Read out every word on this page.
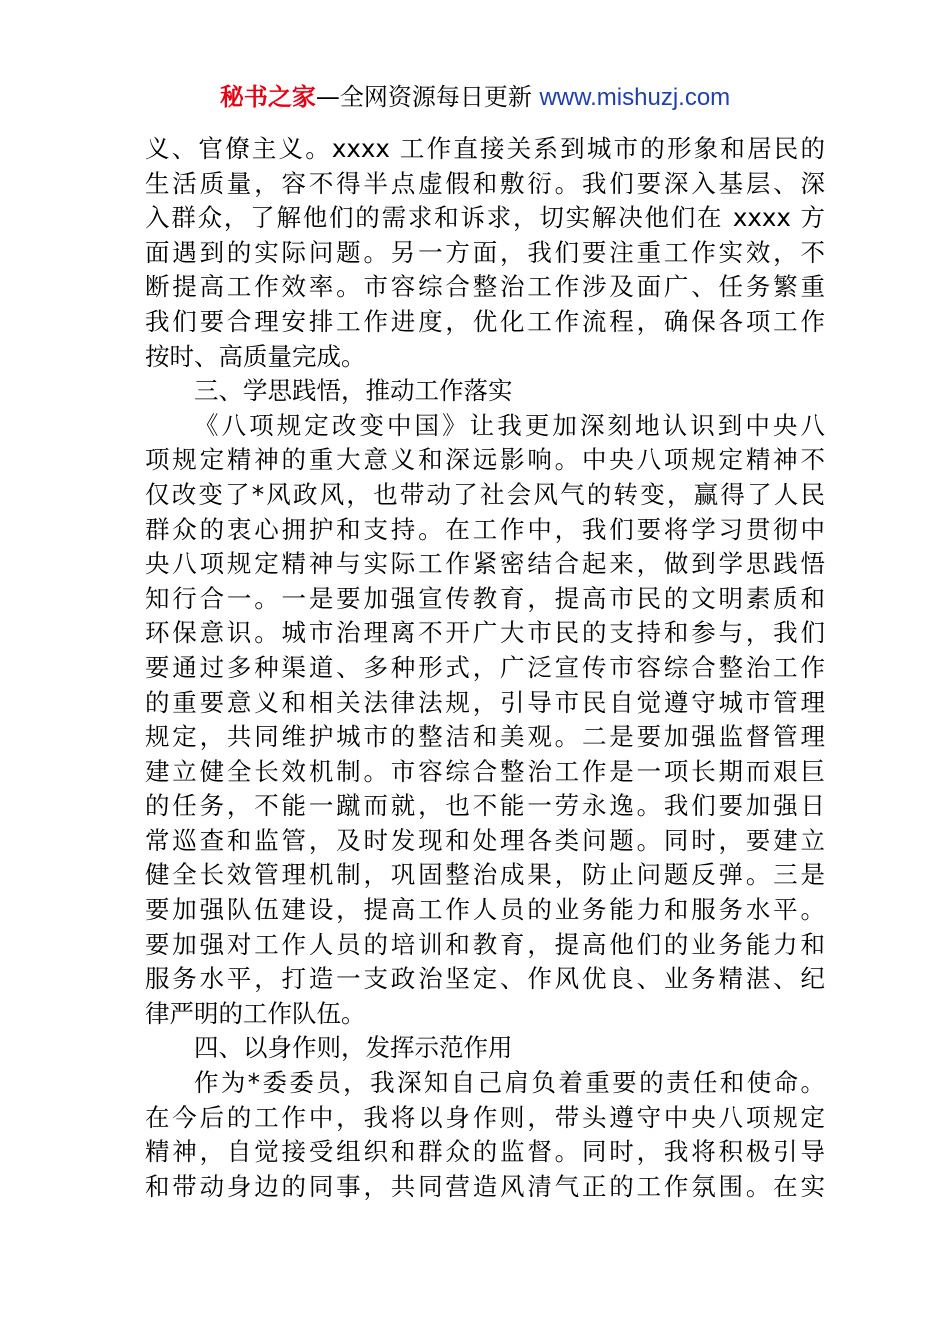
秘书之家—全网资源每日更新 www.mishuzj.com
义、官僚主义。xxxx 工作直接关系到城市的形象和居民的
生活质量，容不得半点虚假和敷衍。我们要深入基层、深
入群众，了解他们的需求和诉求，切实解决他们在 xxxx 方
面遇到的实际问题。另一方面，我们要注重工作实效，不
断提高工作效率。市容综合整治工作涉及面广、任务繁重
我们要合理安排工作进度，优化工作流程，确保各项工作
按时、高质量完成。
三、学思践悟，推动工作落实
《八项规定改变中国》让我更加深刻地认识到中央八
项规定精神的重大意义和深远影响。中央八项规定精神不
仅改变了*风政风，也带动了社会风气的转变，赢得了人民
群众的衷心拥护和支持。在工作中，我们要将学习贯彻中
央八项规定精神与实际工作紧密结合起来，做到学思践悟
知行合一。一是要加强宣传教育，提高市民的文明素质和
环保意识。城市治理离不开广大市民的支持和参与，我们
要通过多种渠道、多种形式，广泛宣传市容综合整治工作
的重要意义和相关法律法规，引导市民自觉遵守城市管理
规定，共同维护城市的整洁和美观。二是要加强监督管理
建立健全长效机制。市容综合整治工作是一项长期而艰巨
的任务，不能一蹴而就，也不能一劳永逸。我们要加强日
常巡查和监管，及时发现和处理各类问题。同时，要建立
健全长效管理机制，巩固整治成果，防止问题反弹。三是
要加强队伍建设，提高工作人员的业务能力和服务水平。
要加强对工作人员的培训和教育，提高他们的业务能力和
服务水平，打造一支政治坚定、作风优良、业务精湛、纪
律严明的工作队伍。
四、以身作则，发挥示范作用
作为*委委员，我深知自己肩负着重要的责任和使命。
在今后的工作中，我将以身作则，带头遵守中央八项规定
精神，自觉接受组织和群众的监督。同时，我将积极引导
和带动身边的同事，共同营造风清气正的工作氛围。在实
